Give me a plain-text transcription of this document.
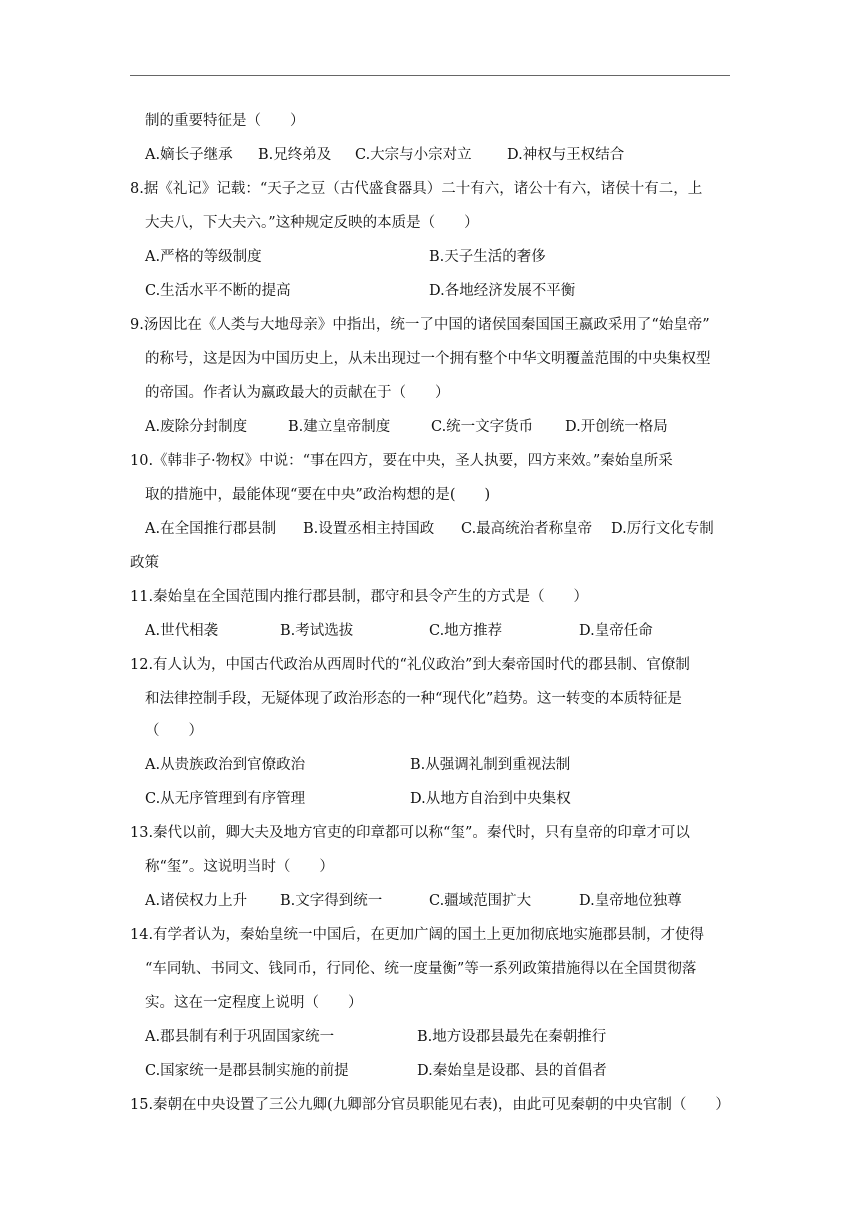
制的重要特征是（　　）
A.嫡长子继承 B.兄终弟及 C.大宗与小宗对立 D.神权与王权结合
8.据《礼记》记载：“天子之豆（古代盛食器具）二十有六，诸公十有六，诸侯十有二，上
大夫八，下大夫六。”这种规定反映的本质是（　　）
A.严格的等级制度	B.天子生活的奢侈
C.生活水平不断的提高	D.各地经济发展不平衡
9.汤因比在《人类与大地母亲》中指出，统一了中国的诸侯国秦国国王嬴政采用了“始皇帝”
的称号，这是因为中国历史上，从未出现过一个拥有整个中华文明覆盖范围的中央集权型
的帝国。作者认为嬴政最大的贡献在于（　　）
A.废除分封制度	B.建立皇帝制度	C.统一文字货币 D.开创统一格局
10.《韩非子·物权》中说：“事在四方，要在中央，圣人执要，四方来效。”秦始皇所采
取的措施中，最能体现“要在中央”政治构想的是(　　)
A.在全国推行郡县制 B.设置丞相主持国政 C.最高统治者称皇帝 D.厉行文化专制
政策
11.秦始皇在全国范围内推行郡县制，郡守和县令产生的方式是（　　）
A.世代相袭	B.考试选拔	C.地方推荐	D.皇帝任命
12.有人认为，中国古代政治从西周时代的“礼仪政治”到大秦帝国时代的郡县制、官僚制
和法律控制手段，无疑体现了政治形态的一种“现代化”趋势。这一转变的本质特征是
（　　）
A.从贵族政治到官僚政治	B.从强调礼制到重视法制
C.从无序管理到有序管理	D.从地方自治到中央集权
13.秦代以前，卿大夫及地方官吏的印章都可以称“玺”。秦代时，只有皇帝的印章才可以
称“玺”。这说明当时（　　）
A.诸侯权力上升 B.文字得到统一	C.疆域范围扩大	D.皇帝地位独尊
14.有学者认为，秦始皇统一中国后，在更加广阔的国土上更加彻底地实施郡县制，才使得
“车同轨、书同文、钱同币，行同伦、统一度量衡”等一系列政策措施得以在全国贯彻落
实。这在一定程度上说明（　　）
A.郡县制有利于巩固国家统一	B.地方设郡县最先在秦朝推行
C.国家统一是郡县制实施的前提	D.秦始皇是设郡、县的首倡者
15.秦朝在中央设置了三公九卿(九卿部分官员职能见右表)，由此可见秦朝的中央官制（　　）
